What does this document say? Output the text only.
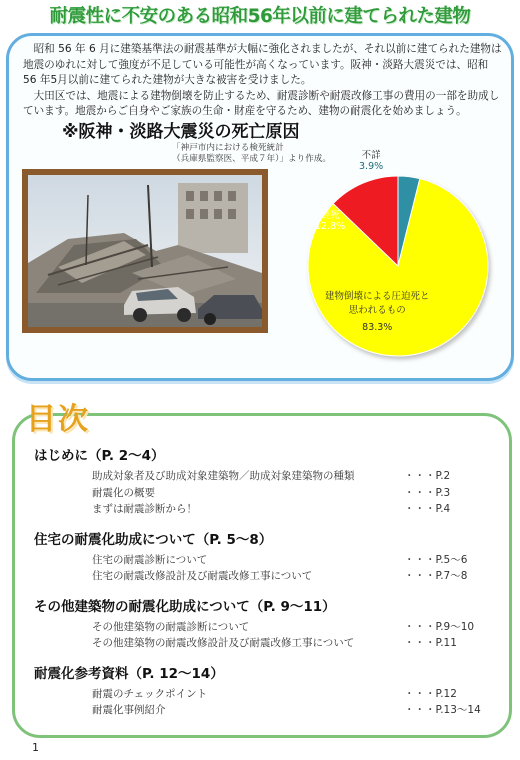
耐震性に不安のある昭和56年以前に建てられた建物

昭和 56 年 6 月に建築基準法の耐震基準が大幅に強化されましたが、それ以前に建てられた建物は地震のゆれに対して強度が不足している可能性が高くなっています。阪神・淡路大震災では、昭和 56 年5月以前に建てられた建物が大きな被害を受けました。

大田区では、地震による建物倒壊を防止するため、耐震診断や耐震改修工事の費用の一部を助成しています。地震からご自身やご家族の生命・財産を守るため、建物の耐震化を始めましょう。

※阪神・淡路大震災の死亡原因
「神戸市内における検死統計
（兵庫県監察医、平成７年）」より作成。	不詳
3.9%
焼死
12.8%
建物倒壊による圧迫死と
思われるもの
83.3%
目次
はじめに（P. 2～4）
助成対象者及び助成対象建築物／助成対象建築物の種類	・・・P.2
耐震化の概要	・・・P.3
まずは耐震診断から！	・・・P.4
住宅の耐震化助成について（P. 5～8）
住宅の耐震診断について	・・・P.5～6
住宅の耐震改修設計及び耐震改修工事について	・・・P.7～8
その他建築物の耐震化助成について（P. 9～11）
その他建築物の耐震診断について	・・・P.9～10
その他建築物の耐震改修設計及び耐震改修工事について	・・・P.11
耐震化参考資料（P. 12～14）
耐震のチェックポイント	・・・P.12
耐震化事例紹介	・・・P.13～14
1
